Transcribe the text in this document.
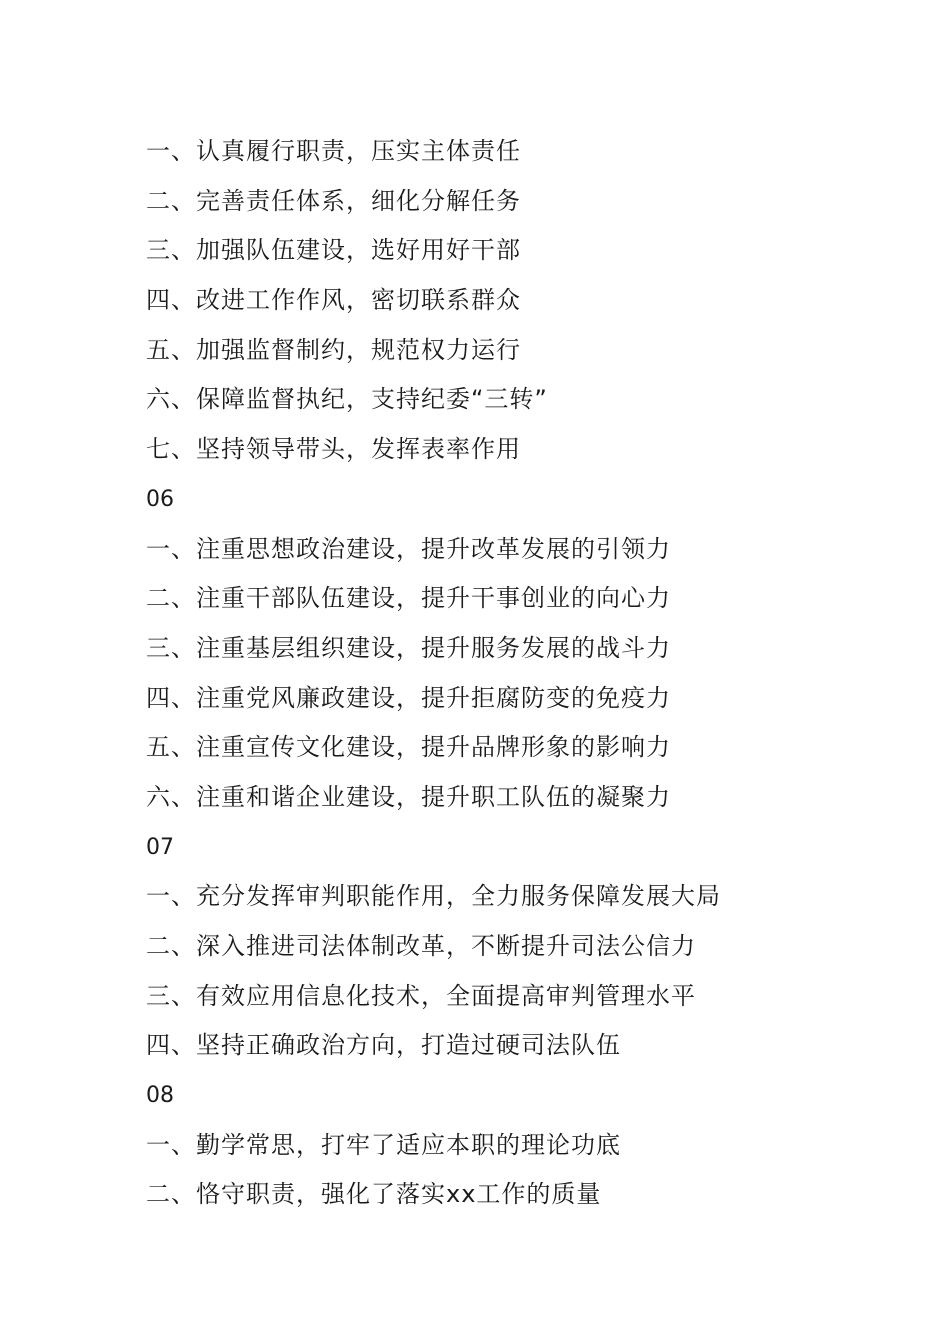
一、认真履行职责，压实主体责任
二、完善责任体系，细化分解任务
三、加强队伍建设，选好用好干部
四、改进工作作风，密切联系群众
五、加强监督制约，规范权力运行
六、保障监督执纪，支持纪委“三转”
七、坚持领导带头，发挥表率作用
06
一、注重思想政治建设，提升改革发展的引领力
二、注重干部队伍建设，提升干事创业的向心力
三、注重基层组织建设，提升服务发展的战斗力
四、注重党风廉政建设，提升拒腐防变的免疫力
五、注重宣传文化建设，提升品牌形象的影响力
六、注重和谐企业建设，提升职工队伍的凝聚力
07
一、充分发挥审判职能作用，全力服务保障发展大局
二、深入推进司法体制改革，不断提升司法公信力
三、有效应用信息化技术，全面提高审判管理水平
四、坚持正确政治方向，打造过硬司法队伍
08
一、勤学常思，打牢了适应本职的理论功底
二、恪守职责，强化了落实xx工作的质量
